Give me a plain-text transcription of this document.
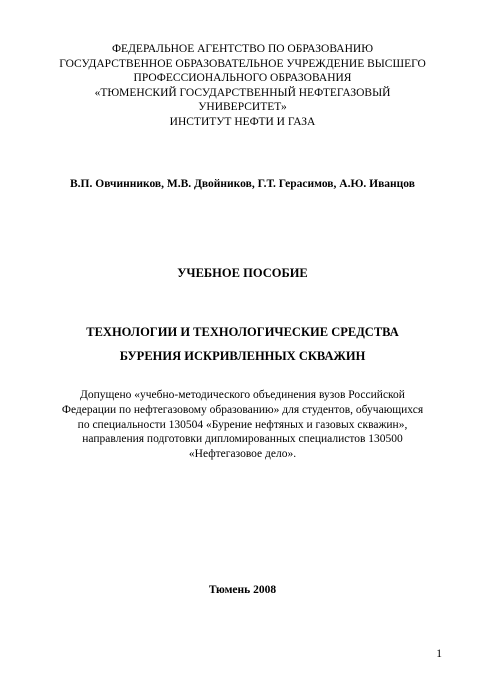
ФЕДЕРАЛЬНОЕ АГЕНТСТВО ПО ОБРАЗОВАНИЮ
ГОСУДАРСТВЕННОЕ ОБРАЗОВАТЕЛЬНОЕ УЧРЕЖДЕНИЕ ВЫСШЕГО
ПРОФЕССИОНАЛЬНОГО ОБРАЗОВАНИЯ
«ТЮМЕНСКИЙ ГОСУДАРСТВЕННЫЙ НЕФТЕГАЗОВЫЙ
УНИВЕРСИТЕТ»
ИНСТИТУТ НЕФТИ И ГАЗА
В.П. Овчинников, М.В. Двойников, Г.Т. Герасимов, А.Ю. Иванцов
УЧЕБНОЕ ПОСОБИЕ
ТЕХНОЛОГИИ И ТЕХНОЛОГИЧЕСКИЕ СРЕДСТВА
БУРЕНИЯ ИСКРИВЛЕННЫХ СКВАЖИН
Допущено «учебно-методического объединения вузов Российской
Федерации по нефтегазовому образованию» для студентов, обучающихся
по специальности 130504 «Бурение нефтяных и газовых скважин»,
направления подготовки дипломированных специалистов 130500
«Нефтегазовое дело».
Тюмень 2008
1
